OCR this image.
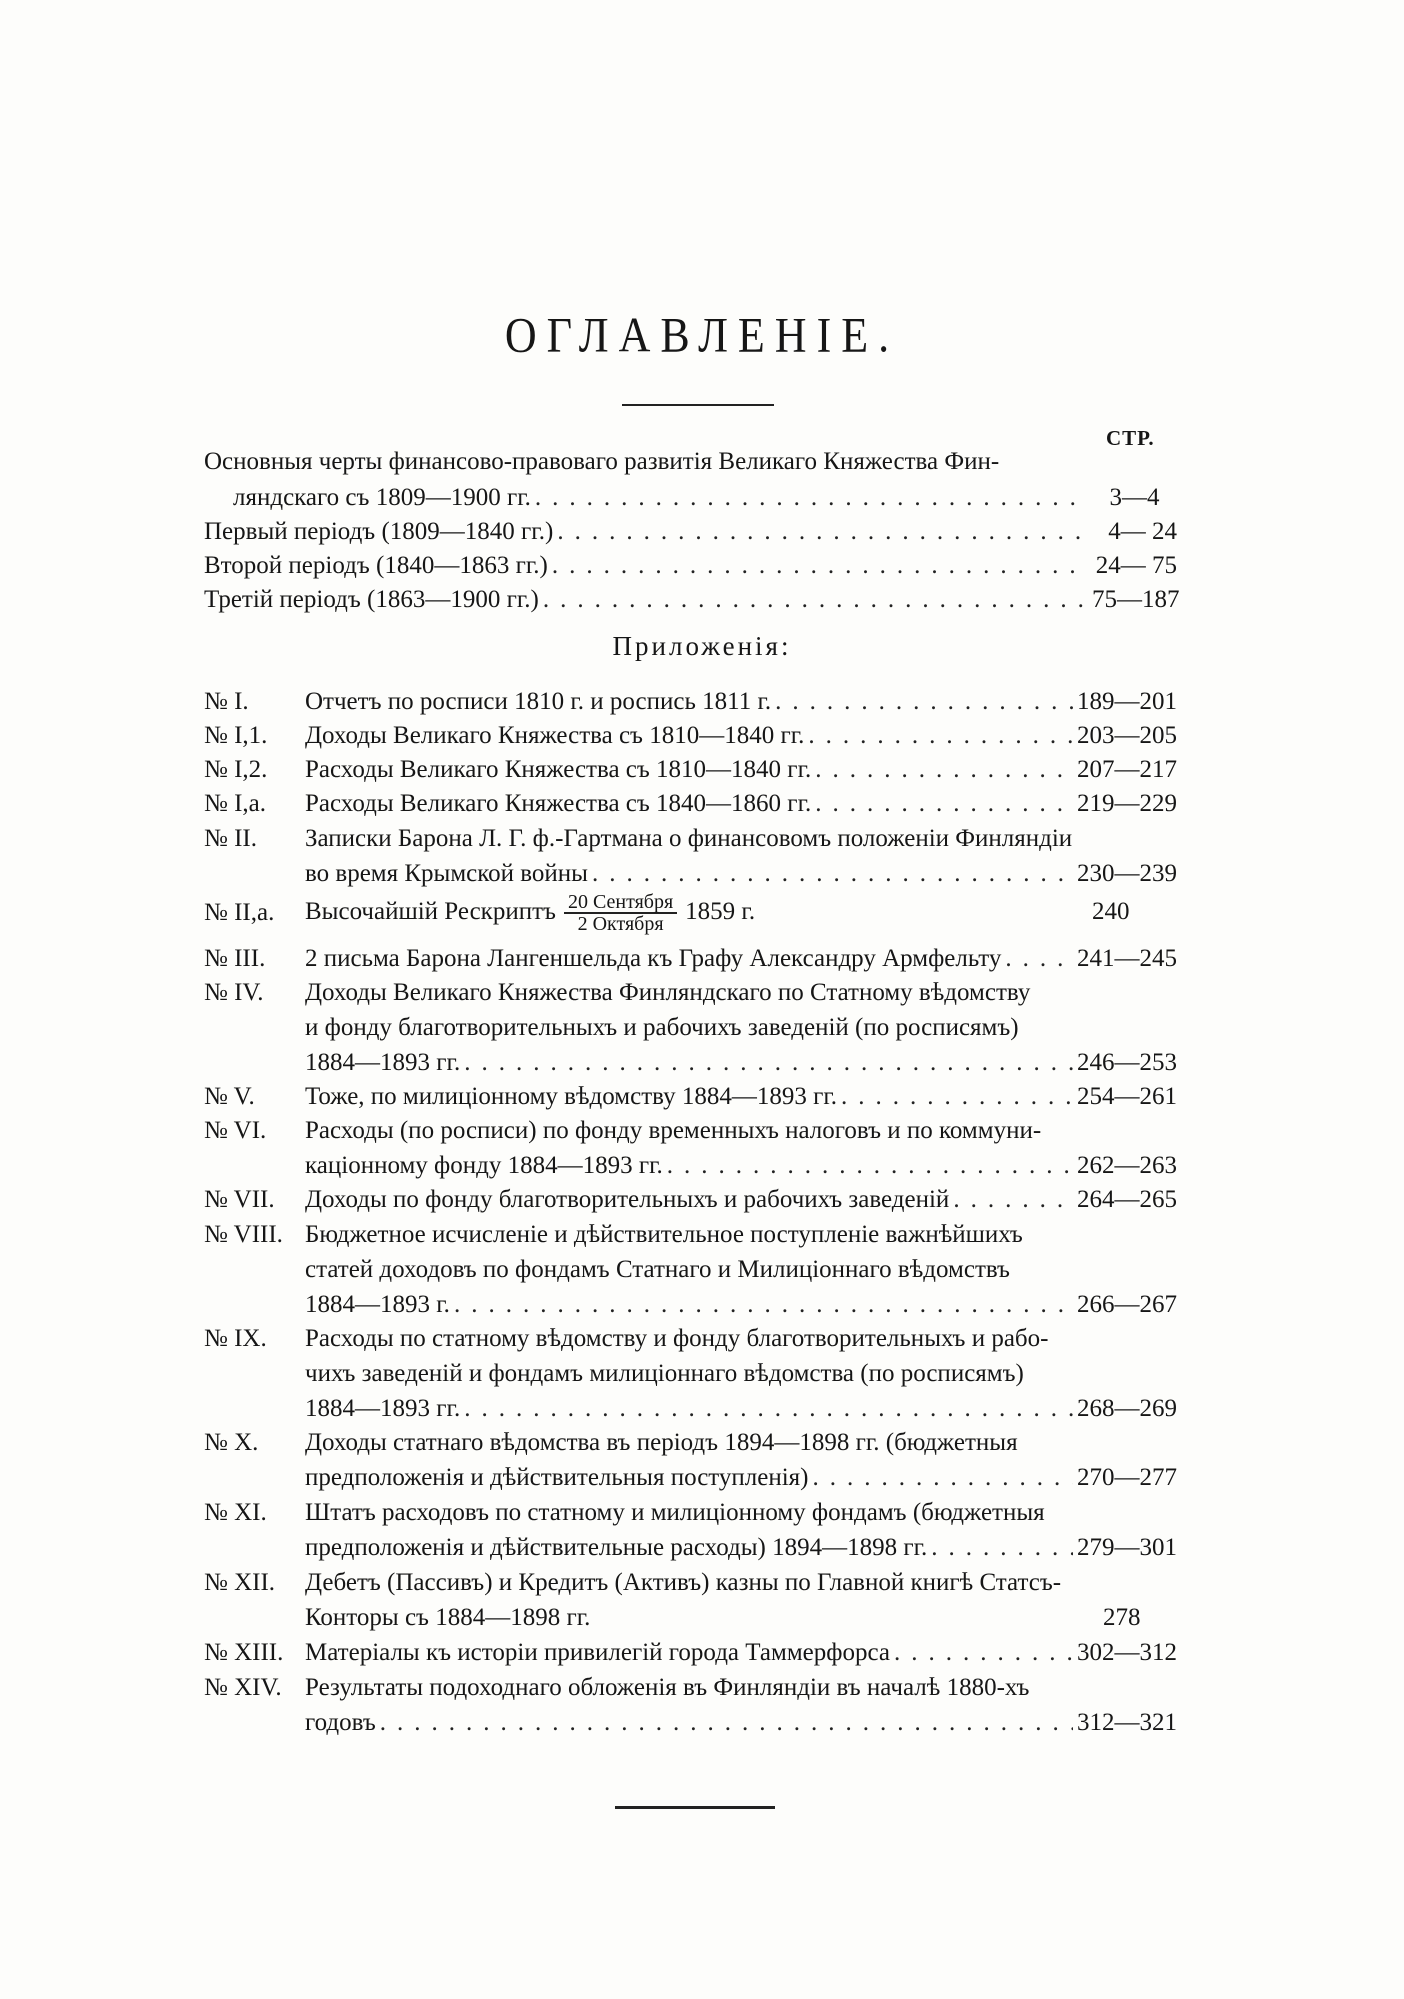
ОГЛАВЛЕНІЕ.
СТР.
Основныя черты финансово-правоваго развитія Великаго Княжества Фин-
ляндскаго съ 1809—1900 гг. .....	3—4
Первый періодъ (1809—1840 гг.) .....	4— 24
Второй періодъ (1840—1863 гг.) .....	24— 75
Третій періодъ (1863—1900 гг.) .....	75—187
Приложенія:
№ I. Отчетъ по росписи 1810 г. и роспись 1811 г. .....	189—201
№ I,1. Доходы Великаго Княжества съ 1810—1840 гг. .....	203—205
№ I,2. Расходы Великаго Княжества съ 1810—1840 гг. .....	207—217
№ I,a. Расходы Великаго Княжества съ 1840—1860 гг. .....	219—229
№ II. Записки Барона Л. Г. ф.-Гартмана о финансовомъ положеніи Финляндіи
во время Крымской войны .....	230—239
№ II,a. Высочайшій Рескриптъ $\frac{\text{20 Сентября}}{\text{2 Октября}} 1859$ г.	240
№ III. 2 письма Барона Лангеншельда къ Графу Александру Армфельту .....	241—245
№ IV. Доходы Великаго Княжества Финляндскаго по Статному вѣдомству
и фонду благотворительныхъ и рабочихъ заведеній (по росписямъ)
1884—1893 гг. .....	246—253
№ V. Тоже, по милиціонному вѣдомству 1884—1893 гг. .....	254—261
№ VI. Расходы (по росписи) по фонду временныхъ налоговъ и по коммуни-
каціонному фонду 1884—1893 гг. .....	262—263
№ VII. Доходы по фонду благотворительныхъ и рабочихъ заведеній .....	264—265
№ VIII. Бюджетное исчисленіе и дѣйствительное поступленіе важнѣйшихъ
статей доходовъ по фондамъ Статнаго и Милиціоннаго вѣдомствъ
1884—1893 г. .....	266—267
№ IX. Расходы по статному вѣдомству и фонду благотворительныхъ и рабо-
чихъ заведеній и фондамъ милиціоннаго вѣдомства (по росписямъ)
1884—1893 гг. .....	268—269
№ X. Доходы статнаго вѣдомства въ періодъ 1894—1898 гг. (бюджетныя
предположенія и дѣйствительныя поступленія) .....	270—277
№ XI. Штатъ расходовъ по статному и милиціонному фондамъ (бюджетныя
предположенія и дѣйствительные расходы) 1894—1898 гг. .....	279—301
№ XII. Дебетъ (Пассивъ) и Кредитъ (Активъ) казны по Главной книгѣ Статсъ-
Конторы съ 1884—1898 гг.	278
№ XIII. Матеріалы къ исторіи привилегій города Таммерфорса .....	302—312
№ XIV. Результаты подоходнаго обложенія въ Финляндіи въ началѣ 1880-хъ
годовъ .....	312—321
